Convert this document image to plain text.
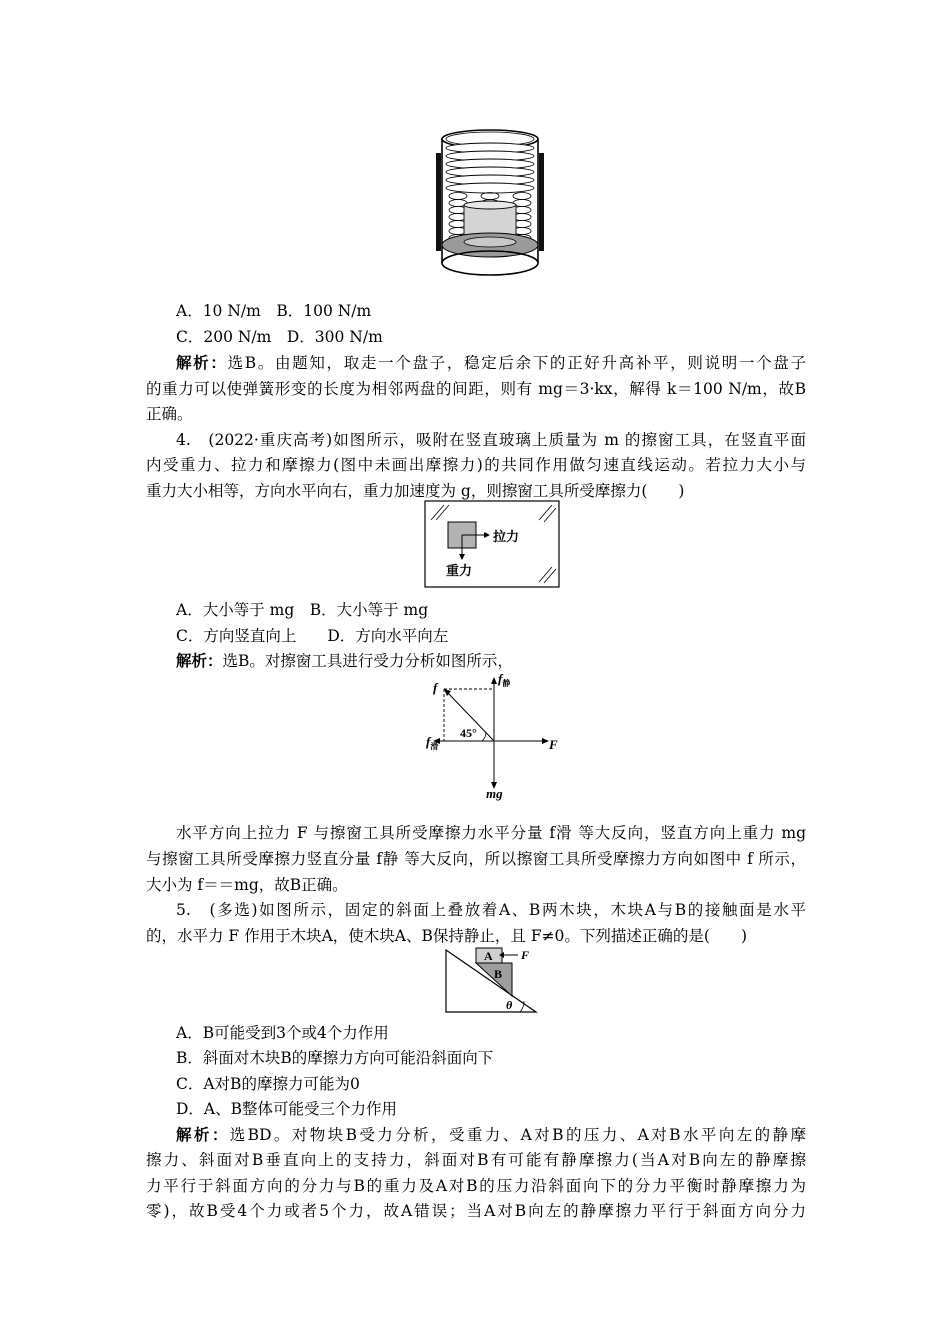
A．10 N/m　B．100 N/m
C．200 N/m　D．300 N/m
解析：选B。由题知，取走一个盘子，稳定后余下的正好升高补平，则说明一个盘子
的重力可以使弹簧形变的长度为相邻两盘的间距，则有 mg＝3·kx，解得 k＝100 N/m，故B
正确。
4.　(2022·重庆高考)如图所示，吸附在竖直玻璃上质量为 m 的擦窗工具，在竖直平面
内受重力、拉力和摩擦力(图中未画出摩擦力)的共同作用做匀速直线运动。若拉力大小与
重力大小相等，方向水平向右，重力加速度为 g，则擦窗工具所受摩擦力(　　)
拉力
重力
A．大小等于 mg　B．大小等于 mg
C．方向竖直向上　　D．方向水平向左
解析：选B。对擦窗工具进行受力分析如图所示，
45°
f
$f_静$
$f_滑$	F
mg
水平方向上拉力 F 与擦窗工具所受摩擦力水平分量 f滑 等大反向，竖直方向上重力 mg
与擦窗工具所受摩擦力竖直分量 f静 等大反向，所以擦窗工具所受摩擦力方向如图中 f 所示，
大小为 f＝＝mg，故B正确。
5.　(多选)如图所示，固定的斜面上叠放着A、B两木块，木块A与B的接触面是水平
的，水平力 F 作用于木块A，使木块A、B保持静止，且 F≠0。下列描述正确的是(　　)
A
B
F
θ
A．B可能受到3个或4个力作用
B．斜面对木块B的摩擦力方向可能沿斜面向下
C．A对B的摩擦力可能为0
D．A、B整体可能受三个力作用
解析：选BD。对物块B受力分析，受重力、A对B的压力、A对B水平向左的静摩
擦力、斜面对B垂直向上的支持力，斜面对B有可能有静摩擦力(当A对B向左的静摩擦
力平行于斜面方向的分力与B的重力及A对B的压力沿斜面向下的分力平衡时静摩擦力为
零)，故B受4个力或者5个力，故A错误；当A对B向左的静摩擦力平行于斜面方向分力
